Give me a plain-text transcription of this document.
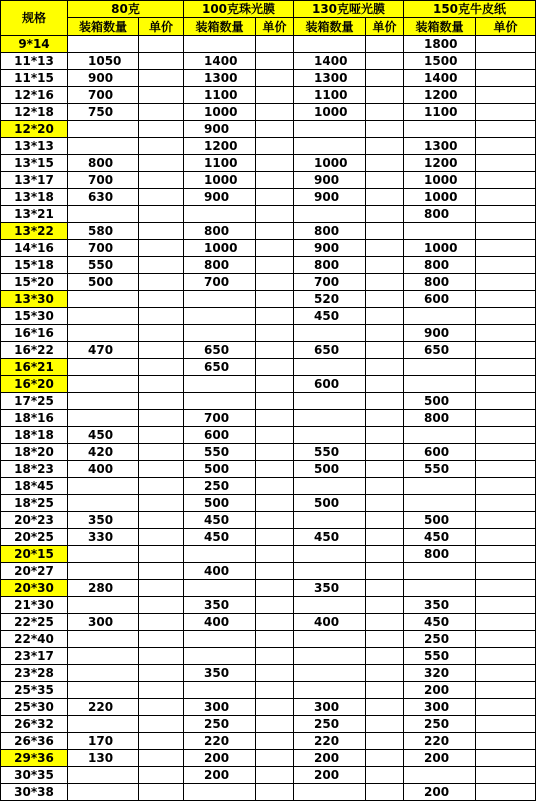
规格	80克		100克珠光膜		130克哑光膜		150克牛皮纸	
	装箱数量	单价	装箱数量	单价	装箱数量	单价	装箱数量	单价
9*14							1800	
11*13	1050		1400		1400		1500	
11*15	900		1300		1300		1400	
12*16	700		1100		1100		1200	
12*18	750		1000		1000		1100	
12*20			900					
13*13			1200				1300	
13*15	800		1100		1000		1200	
13*17	700		1000		900		1000	
13*18	630		900		900		1000	
13*21							800	
13*22	580		800		800			
14*16	700		1000		900		1000	
15*18	550		800		800		800	
15*20	500		700		700		800	
13*30					520		600	
15*30					450			
16*16							900	
16*22	470		650		650		650	
16*21			650					
16*20					600			
17*25							500	
18*16			700				800	
18*18	450		600					
18*20	420		550		550		600	
18*23	400		500		500		550	
18*45			250					
18*25			500		500			
20*23	350		450				500	
20*25	330		450		450		450	
20*15							800	
20*27			400					
20*30	280				350			
21*30			350				350	
22*25	300		400		400		450	
22*40							250	
23*17							550	
23*28			350				320	
25*35							200	
25*30	220		300		300		300	
26*32			250		250		250	
26*36	170		220		220		220	
29*36	130		200		200		200	
30*35			200		200			
30*38							200	
